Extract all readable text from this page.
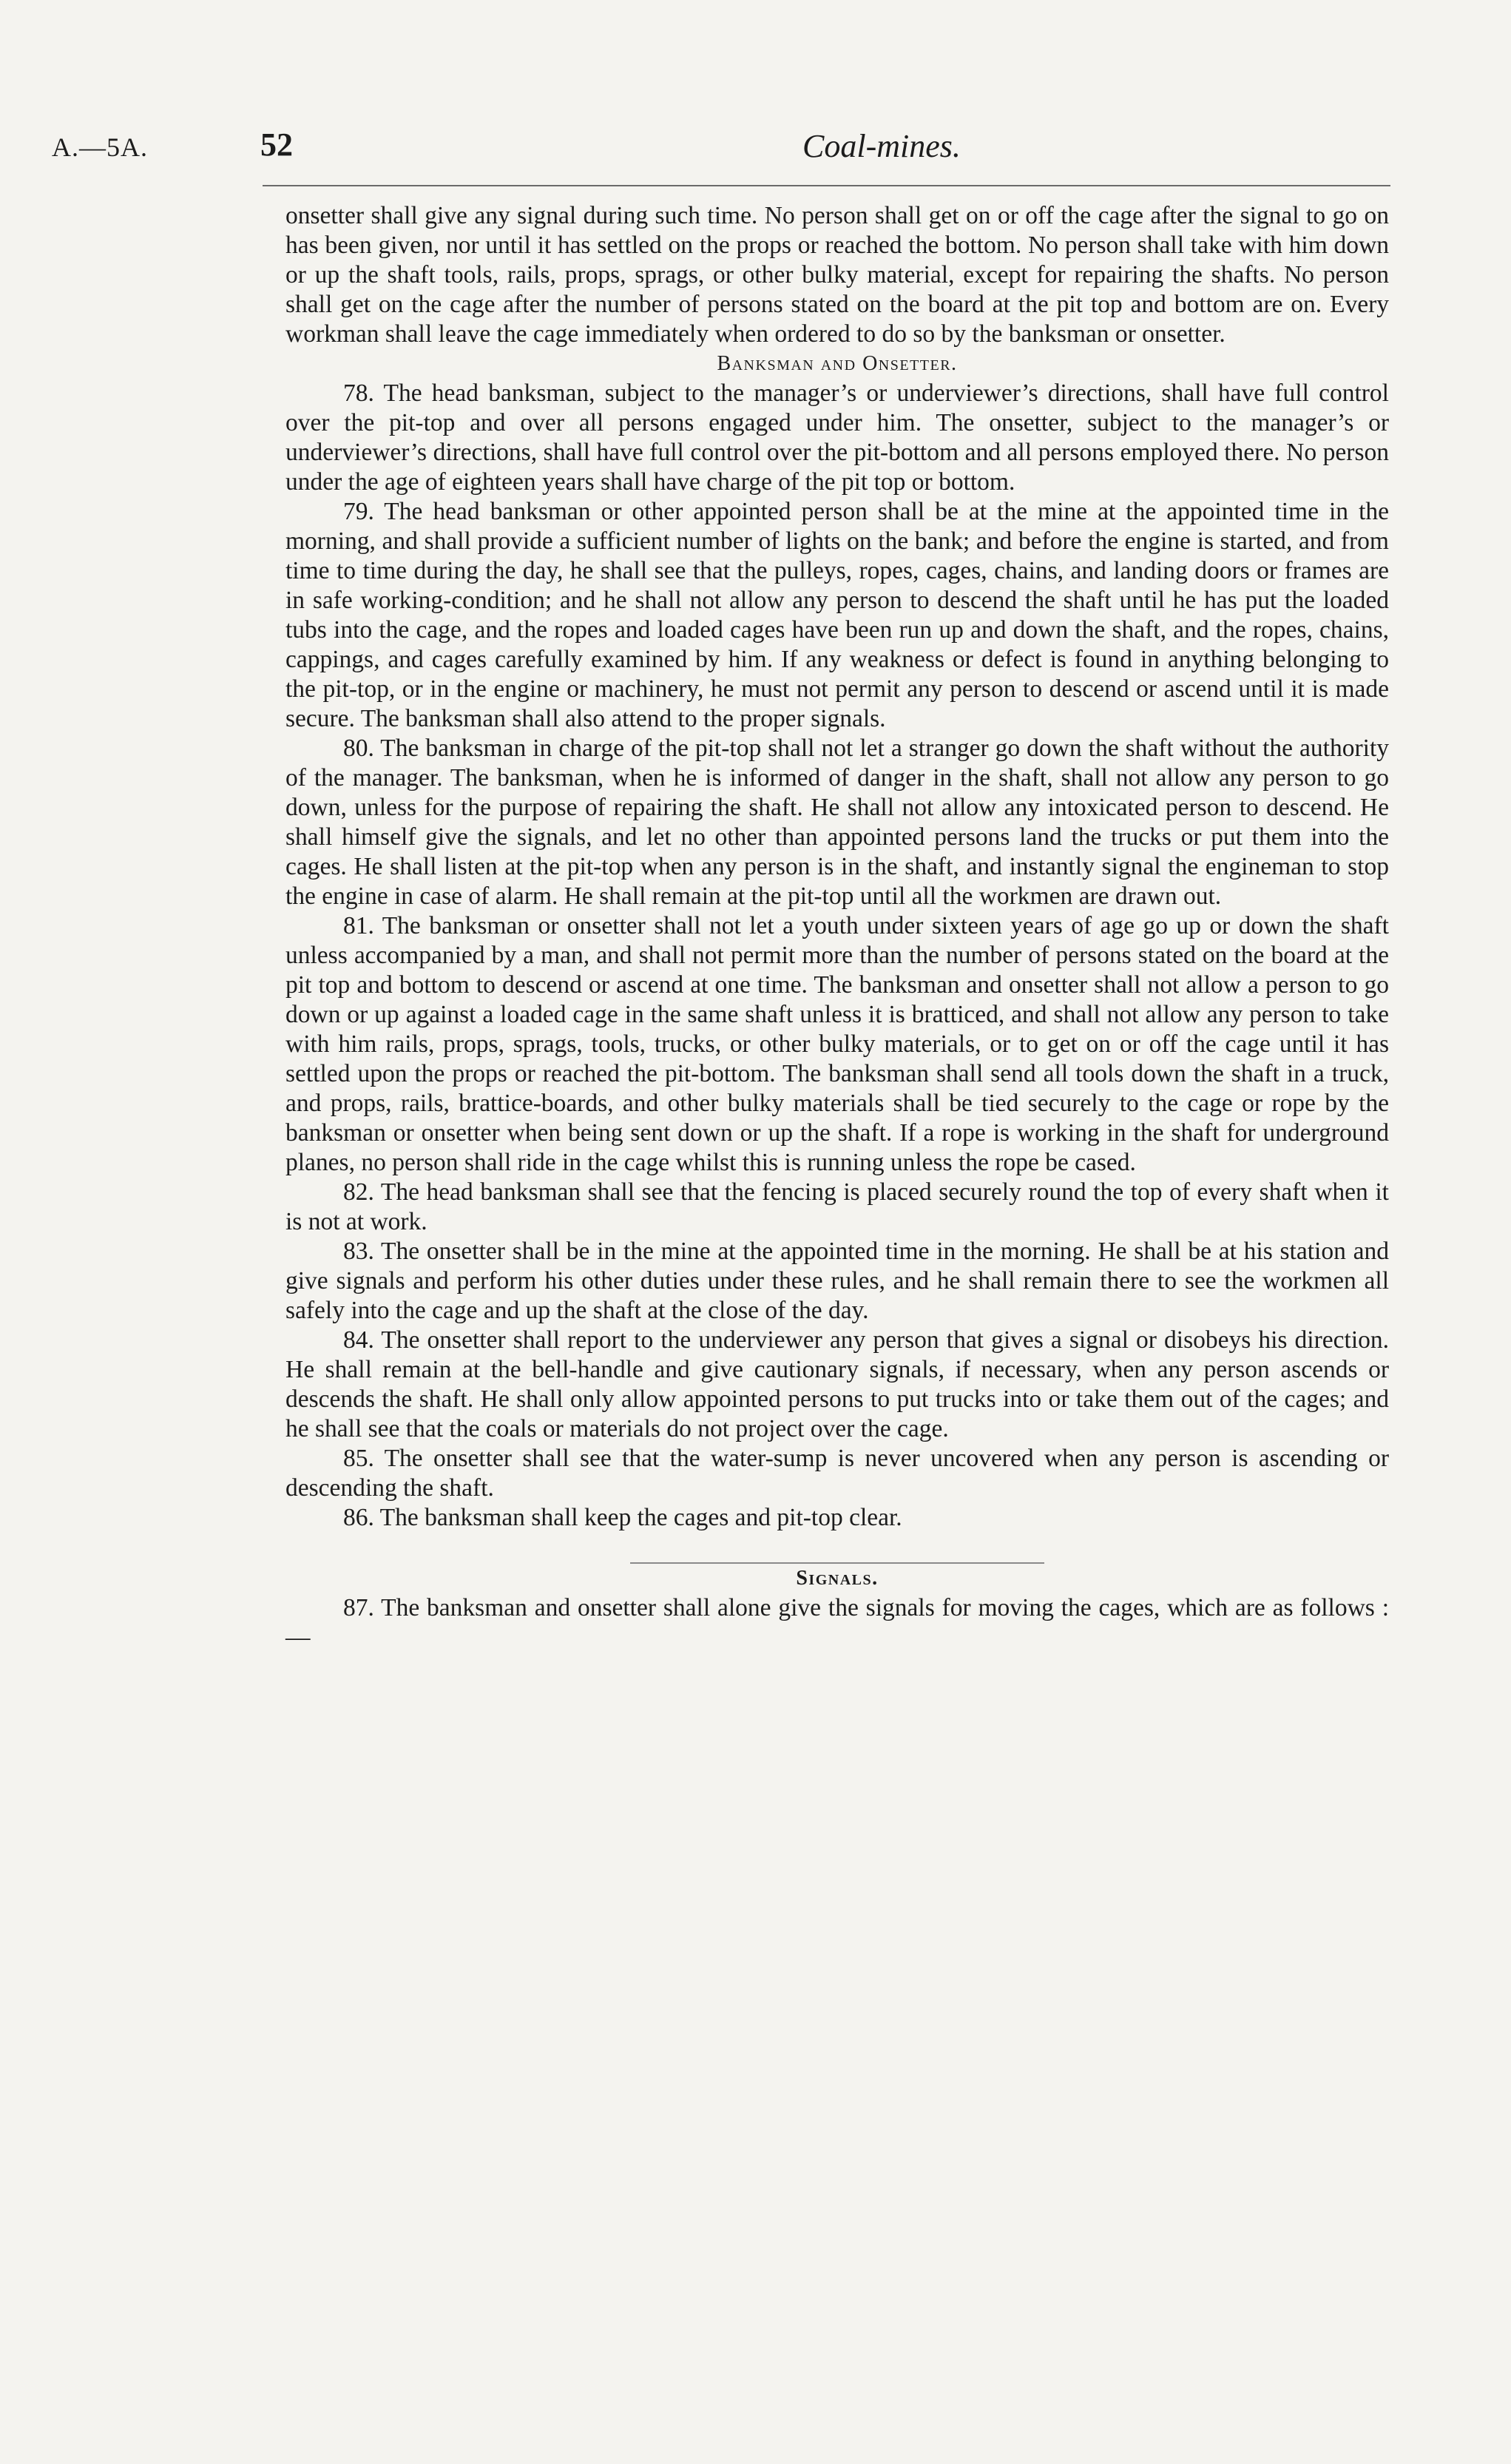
A.—5A.	52	Coal-mines.

onsetter shall give any signal during such time. No person shall get on or off the cage after the signal to go on has been given, nor until it has settled on the props or reached the bottom. No person shall take with him down or up the shaft tools, rails, props, sprags, or other bulky material, except for repairing the shafts. No person shall get on the cage after the number of persons stated on the board at the pit top and bottom are on. Every workman shall leave the cage immediately when ordered to do so by the banksman or onsetter.

Banksman and Onsetter.

78. The head banksman, subject to the manager’s or underviewer’s directions, shall have full control over the pit-top and over all persons engaged under him. The onsetter, subject to the manager’s or underviewer’s directions, shall have full control over the pit-bottom and all persons employed there. No person under the age of eighteen years shall have charge of the pit top or bottom.

79. The head banksman or other appointed person shall be at the mine at the appointed time in the morning, and shall provide a sufficient number of lights on the bank; and before the engine is started, and from time to time during the day, he shall see that the pulleys, ropes, cages, chains, and landing doors or frames are in safe working-condition; and he shall not allow any person to descend the shaft until he has put the loaded tubs into the cage, and the ropes and loaded cages have been run up and down the shaft, and the ropes, chains, cappings, and cages carefully examined by him. If any weakness or defect is found in anything belonging to the pit-top, or in the engine or machinery, he must not permit any person to descend or ascend until it is made secure. The banksman shall also attend to the proper signals.

80. The banksman in charge of the pit-top shall not let a stranger go down the shaft without the authority of the manager. The banksman, when he is informed of danger in the shaft, shall not allow any person to go down, unless for the purpose of repairing the shaft. He shall not allow any intoxicated person to descend. He shall himself give the signals, and let no other than appointed persons land the trucks or put them into the cages. He shall listen at the pit-top when any person is in the shaft, and instantly signal the engineman to stop the engine in case of alarm. He shall remain at the pit-top until all the workmen are drawn out.

81. The banksman or onsetter shall not let a youth under sixteen years of age go up or down the shaft unless accompanied by a man, and shall not permit more than the number of persons stated on the board at the pit top and bottom to descend or ascend at one time. The banksman and onsetter shall not allow a person to go down or up against a loaded cage in the same shaft unless it is bratticed, and shall not allow any person to take with him rails, props, sprags, tools, trucks, or other bulky materials, or to get on or off the cage until it has settled upon the props or reached the pit-bottom. The banksman shall send all tools down the shaft in a truck, and props, rails, brattice-boards, and other bulky materials shall be tied securely to the cage or rope by the banksman or onsetter when being sent down or up the shaft. If a rope is working in the shaft for underground planes, no person shall ride in the cage whilst this is running unless the rope be cased.

82. The head banksman shall see that the fencing is placed securely round the top of every shaft when it is not at work.

83. The onsetter shall be in the mine at the appointed time in the morning. He shall be at his station and give signals and perform his other duties under these rules, and he shall remain there to see the workmen all safely into the cage and up the shaft at the close of the day.

84. The onsetter shall report to the underviewer any person that gives a signal or disobeys his direction. He shall remain at the bell-handle and give cautionary signals, if necessary, when any person ascends or descends the shaft. He shall only allow appointed persons to put trucks into or take them out of the cages; and he shall see that the coals or materials do not project over the cage.

85. The onsetter shall see that the water-sump is never uncovered when any person is ascending or descending the shaft.

86. The banksman shall keep the cages and pit-top clear.

Signals.

87. The banksman and onsetter shall alone give the signals for moving the cages, which are as follows :—
